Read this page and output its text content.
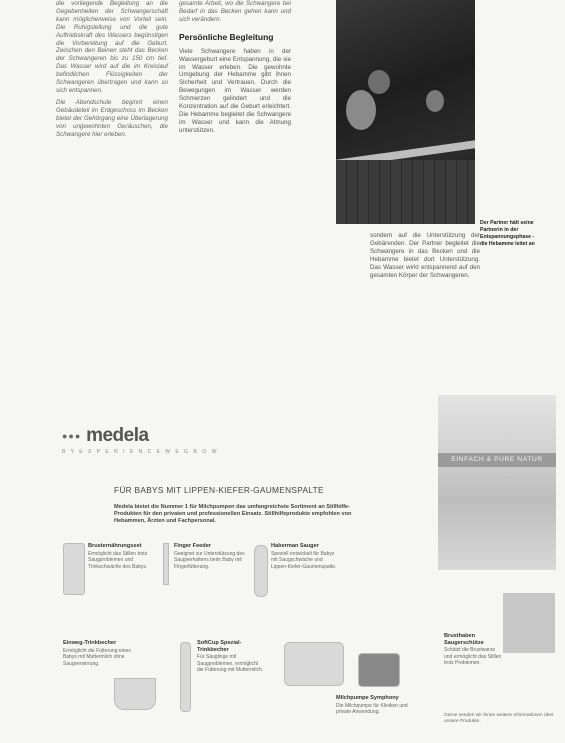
die vorliegende Begleitung an die Gegebenheiten der Schwangerschaft kann möglicherweise von Vorteil sein. Die Ruhigstellung und die gute Auftriebskraft des Wassers begünstigen die Vorbereitung auf die Geburt. Zwischen den Beinen steht das Becken der Schwangeren bis zu 150 cm tief. Das Wasser wird auf die im Kreislauf befindlichen Flüssigkeiten der Schwangeren übertragen und kann so sich entspannen.

Die Abendschule beginnt einen Gebäudeteil im Erdgeschoss im Becken bietet der Gehörgang eine Überlagerung von ungewohnten Geräuschen, die Schwangere hier erleben.

gesamte Arbeit, wo die Schwangere bei Bedarf in das Becken gehen kann und sich verändern.

Persönliche Begleitung

Viele Schwangere haben in der Wassergeburt eine Entspannung, die sie im Wasser erleben. Die gewohnte Umgebung der Hebamme gibt ihnen Sicherheit und Vertrauen. Durch die Bewegungen im Wasser werden Schmerzen gelindert und die Konzentration auf die Geburt erleichtert. Die Hebamme begleitet die Schwangere im Wasser und kann die Atmung unterstützen.

Der Partner hält seine Partnerin in der Entspannungsphase - die Hebamme leitet an

sondern auf die Unterstützung der Gebärenden. Der Partner begleitet die Schwangere in das Becken und die Hebamme bietet dort Unterstützung. Das Wasser wirkt entspannend auf den gesamten Körper der Schwangeren.

●●● medela
B Y E X P E R I E N C E W E G R O W
EINFACH & PURE NATUR
FÜR BABYS MIT LIPPEN-KIEFER-GAUMENSPALTE
Medela bietet die Nummer 1 für Milchpumpen das umfangreichste Sortiment an Stillhilfe-Produkten für den privaten und professionellen Einsatz. Stillhilfeprodukte empfohlen von Hebammen, Ärzten und Fachpersonal.
Brusternährungsset
Ermöglicht das Stillen trotz Saugproblemen und Trinkschwäche des Babys.
Finger Feeder
Geeignet zur Unterstützung des Saugverhaltens beim Baby mit Fingerfütterung.
Haberman Sauger
Speziell entwickelt für Babys mit Saugschwäche und Lippen-Kiefer-Gaumenspalte.
Einweg-Trinkbecher
Ermöglicht die Fütterung eines Babys mit Muttermilch ohne Saugverwirrung.
SoftCup Spezial-Trinkbecher
Für Säuglinge mit Saugproblemen, ermöglicht die Fütterung mit Muttermilch.
Milchpumpe Symphony
Die Milchpumpe für Kliniken und private Anwendung.
Brusthaben Saugerschütze
Schützt die Brustwarze und ermöglicht das Stillen trotz Problemen.
Gerne senden wir Ihnen weitere Informationen über unsere Produkte.
